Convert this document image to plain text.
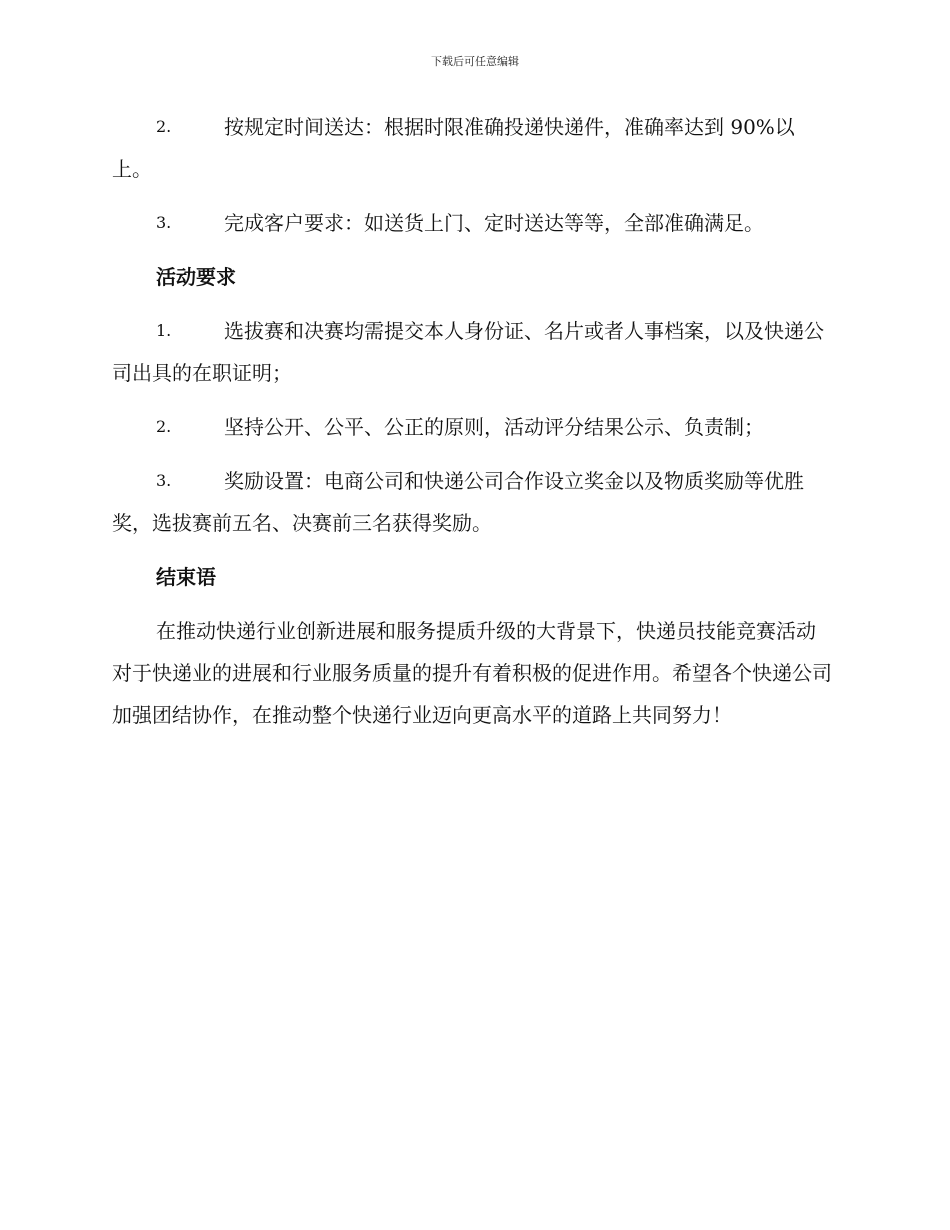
下载后可任意编辑
2.	按规定时间送达：根据时限准确投递快递件，准确率达到 90%以上。
3.	完成客户要求：如送货上门、定时送达等等，全部准确满足。
活动要求
1.	选拔赛和决赛均需提交本人身份证、名片或者人事档案，以及快递公司出具的在职证明；
2.	坚持公开、公平、公正的原则，活动评分结果公示、负责制；
3.	奖励设置：电商公司和快递公司合作设立奖金以及物质奖励等优胜奖，选拔赛前五名、决赛前三名获得奖励。
结束语

在推动快递行业创新进展和服务提质升级的大背景下，快递员技能竞赛活动对于快递业的进展和行业服务质量的提升有着积极的促进作用。希望各个快递公司加强团结协作，在推动整个快递行业迈向更高水平的道路上共同努力！
